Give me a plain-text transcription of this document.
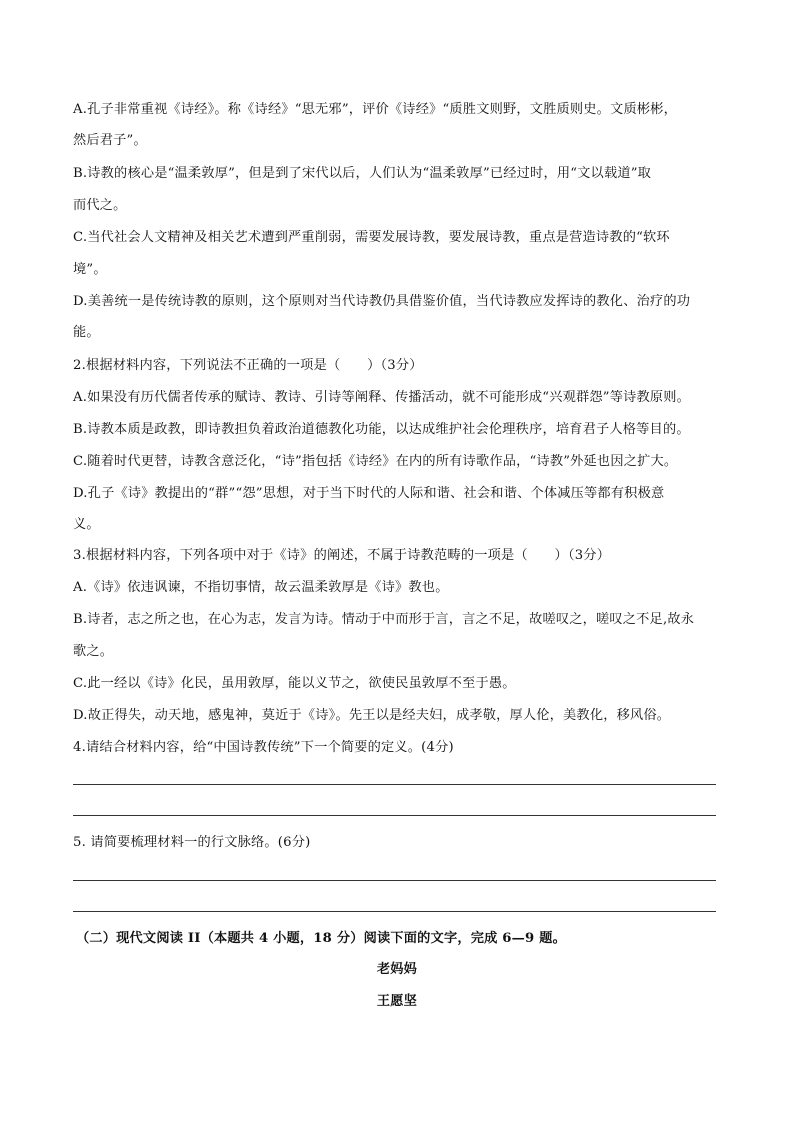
A.孔子非常重视《诗经》。称《诗经》“思无邪”，评价《诗经》“质胜文则野，文胜质则史。文质彬彬，
然后君子”。
B.诗教的核心是“温柔敦厚”，但是到了宋代以后，人们认为“温柔敦厚”已经过时，用“文以载道”取
而代之。
C.当代社会人文精神及相关艺术遭到严重削弱，需要发展诗教，要发展诗教，重点是营造诗教的“软环
境”。
D.美善统一是传统诗教的原则，这个原则对当代诗教仍具借鉴价值，当代诗教应发挥诗的教化、治疗的功
能。
2.根据材料内容，下列说法不正确的一项是（　　）（3分）
A.如果没有历代儒者传承的赋诗、教诗、引诗等阐释、传播活动，就不可能形成“兴观群怨”等诗教原则。
B.诗教本质是政教，即诗教担负着政治道德教化功能，以达成维护社会伦理秩序，培育君子人格等目的。
C.随着时代更替，诗教含意泛化，“诗”指包括《诗经》在内的所有诗歌作品，“诗教”外延也因之扩大。
D.孔子《诗》教提出的“群”“怨”思想，对于当下时代的人际和谐、社会和谐、个体减压等都有积极意
义。
3.根据材料内容，下列各项中对于《诗》的阐述，不属于诗教范畴的一项是（　　）（3分）
A.《诗》依违讽谏，不指切事情，故云温柔敦厚是《诗》教也。
B.诗者，志之所之也，在心为志，发言为诗。情动于中而形于言，言之不足，故嗟叹之，嗟叹之不足,故永
歌之。
C.此一经以《诗》化民，虽用敦厚，能以义节之，欲使民虽敦厚不至于愚。
D.故正得失，动天地，感鬼神，莫近于《诗》。先王以是经夫妇，成孝敬，厚人伦，美教化，移风俗。
4.请结合材料内容，给“中国诗教传统”下一个简要的定义。(4分)
5. 请简要梳理材料一的行文脉络。(6分)
（二）现代文阅读 II（本题共 4 小题，18 分）阅读下面的文字，完成 6—9 题。
老妈妈
王愿坚
